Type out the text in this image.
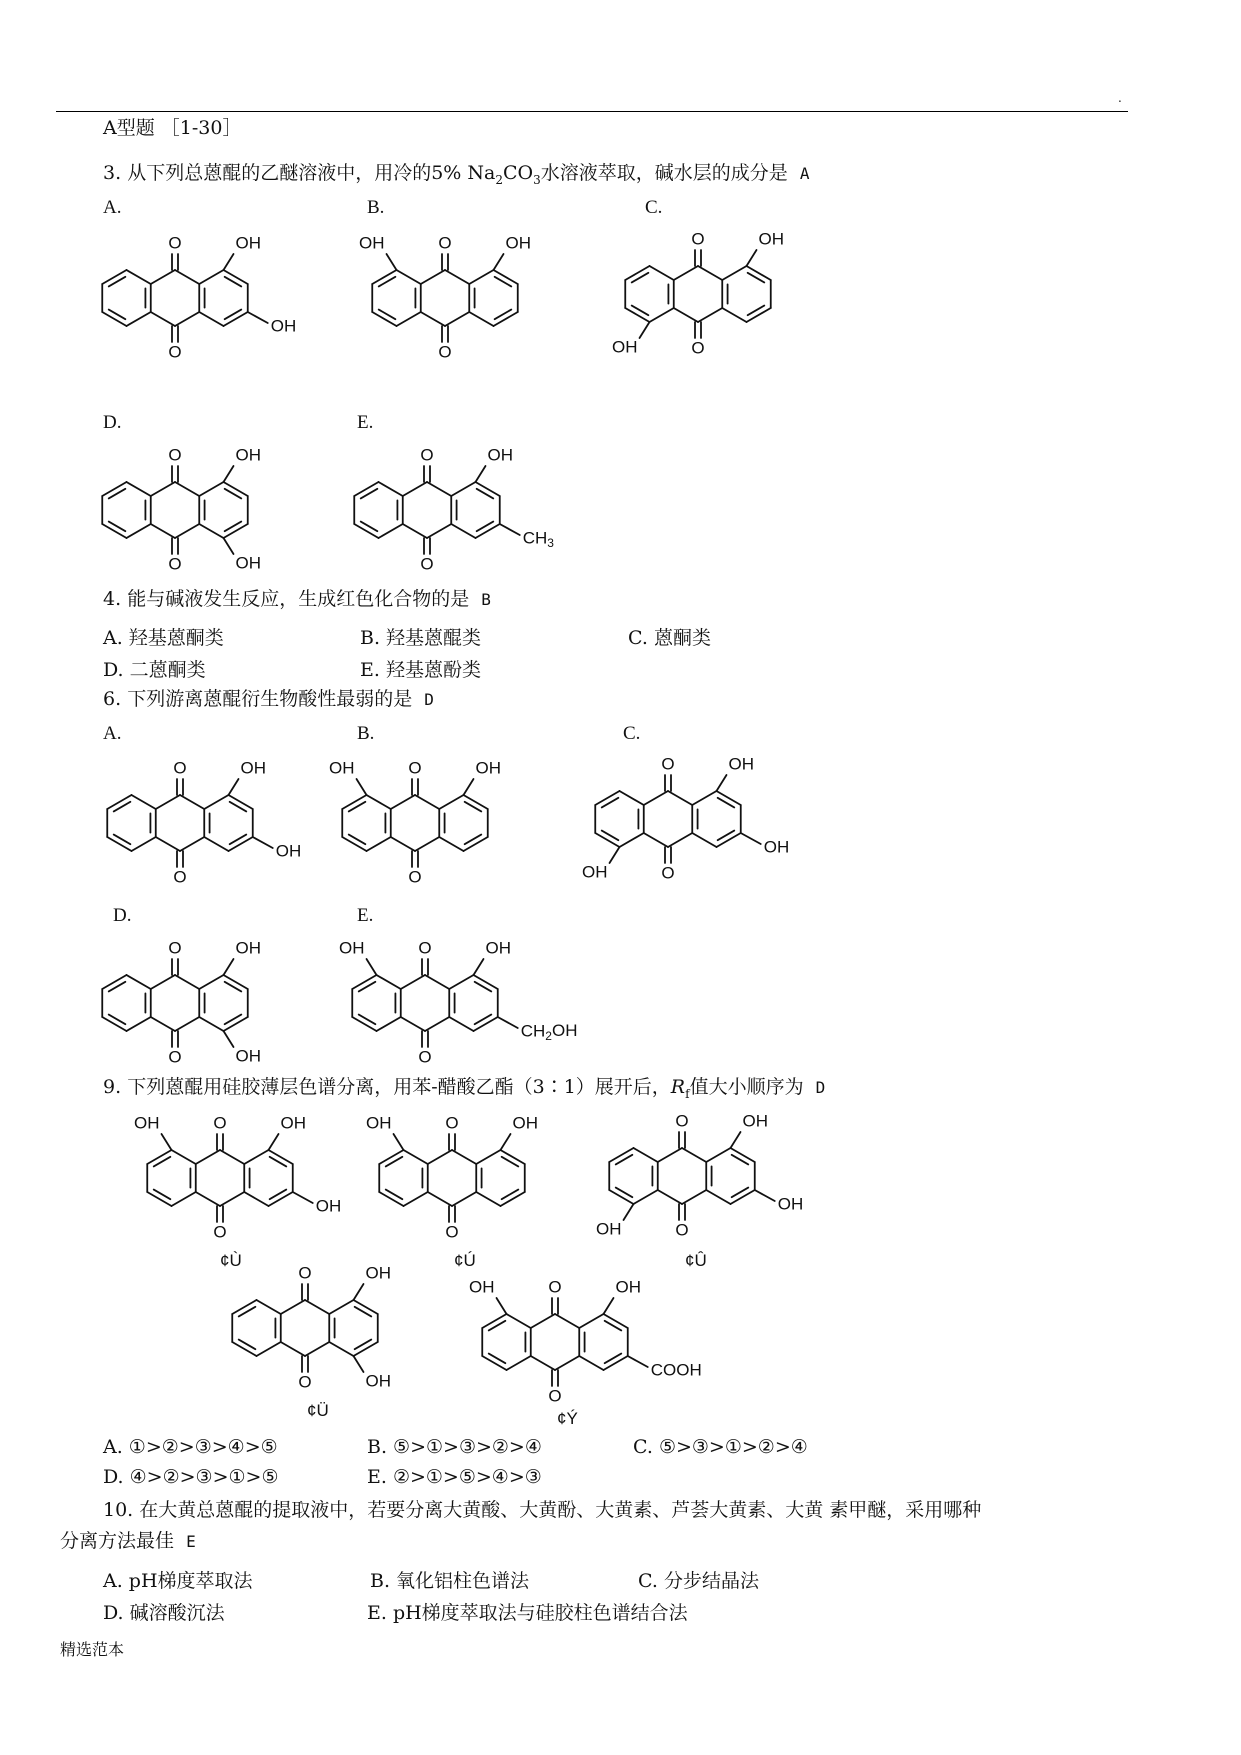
.
A型题 ［1-30］
3. 从下列总蒽醌的乙醚溶液中，用冷的5% $Na_2CO_3$水溶液萃取，碱水层的成分是 A
A.	B.	C.
D.	E.
O
O
OH
OH
O
O
OH
OH	O
O
OH
OH
O
O
OH
OH
O
O
OH
$CH_3$
4. 能与碱液发生反应，生成红色化合物的是 B
A. 羟基蒽酮类	B. 羟基蒽醌类	C. 蒽酮类
D. 二蒽酮类	E. 羟基蒽酚类
6. 下列游离蒽醌衍生物酸性最弱的是 D
A.	B.	C.
D.	E.
O
O
OH
OH
O
O
OH
OH	O
O
OH
OH
OH
O
O
OH
OH
O
O
OH
OH
$CH_2OH$
9. 下列蒽醌用硅胶薄层色谱分离，用苯-醋酸乙酯（3∶1）展开后，$R_f$值大小顺序为 D
O
O
OH
OH
OH
O
O
OH
OH	O
O
OH
OH
OH
O
O
OH
OH
O
O
OH
OH
COOH
¢Ù	¢Ú	¢Û
¢Ü	¢Ý
A. ①>②>③>④>⑤	B. ⑤>①>③>②>④	C. ⑤>③>①>②>④
D. ④>②>③>①>⑤	E. ②>①>⑤>④>③
10. 在大黄总蒽醌的提取液中，若要分离大黄酸、大黄酚、大黄素、芦荟大黄素、大黄 素甲醚，采用哪种
分离方法最佳 E
A. pH梯度萃取法	B. 氧化铝柱色谱法	C. 分步结晶法
D. 碱溶酸沉法	E. pH梯度萃取法与硅胶柱色谱结合法
精选范本
